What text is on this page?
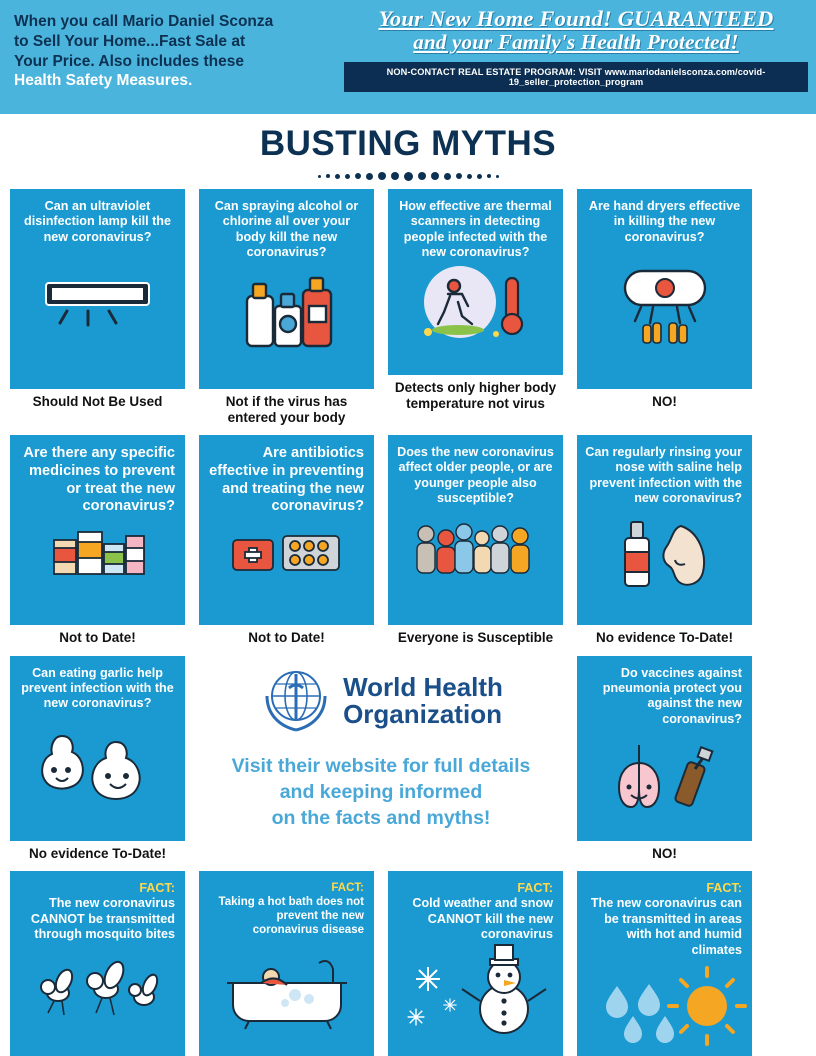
When you call Mario Daniel Sconza
to Sell Your Home...Fast Sale at
Your Price. Also includes these
Health Safety Measures.
Your New Home Found! GUARANTEED
and your Family's Health Protected!
NON-CONTACT REAL ESTATE PROGRAM: VISIT www.mariodanielsconza.com/covid-19_seller_protection_program
BUSTING MYTHS
Can an ultraviolet disinfection lamp kill the new coronavirus?
Should Not Be Used
Can spraying alcohol or chlorine all over your body kill the new coronavirus?
Not if the virus has entered your body
How effective are thermal scanners in detecting people infected with the new coronavirus?
Detects only higher body temperature not virus
Are hand dryers effective in killing the new coronavirus?
NO!
Are there any specific medicines to prevent or treat the new coronavirus?
Not to Date!
Are antibiotics effective in preventing and treating the new coronavirus?
Not to Date!
Does the new coronavirus affect older people, or are younger people also susceptible?
Everyone is Susceptible
Can regularly rinsing your nose with saline help prevent infection with the new coronavirus?
No evidence To-Date!
Can eating garlic help prevent infection with the new coronavirus?
No evidence To-Date!
World Health
Organization
Visit their website for full details
and keeping informed
on the facts and myths!
Do vaccines against pneumonia protect you against the new coronavirus?
NO!
FACT:
The new coronavirus CANNOT be transmitted through mosquito bites
FACT:
Taking a hot bath does not prevent the new coronavirus disease
FACT:
Cold weather and snow CANNOT kill the new coronavirus
FACT:
The new coronavirus can be transmitted in areas with hot and humid climates
